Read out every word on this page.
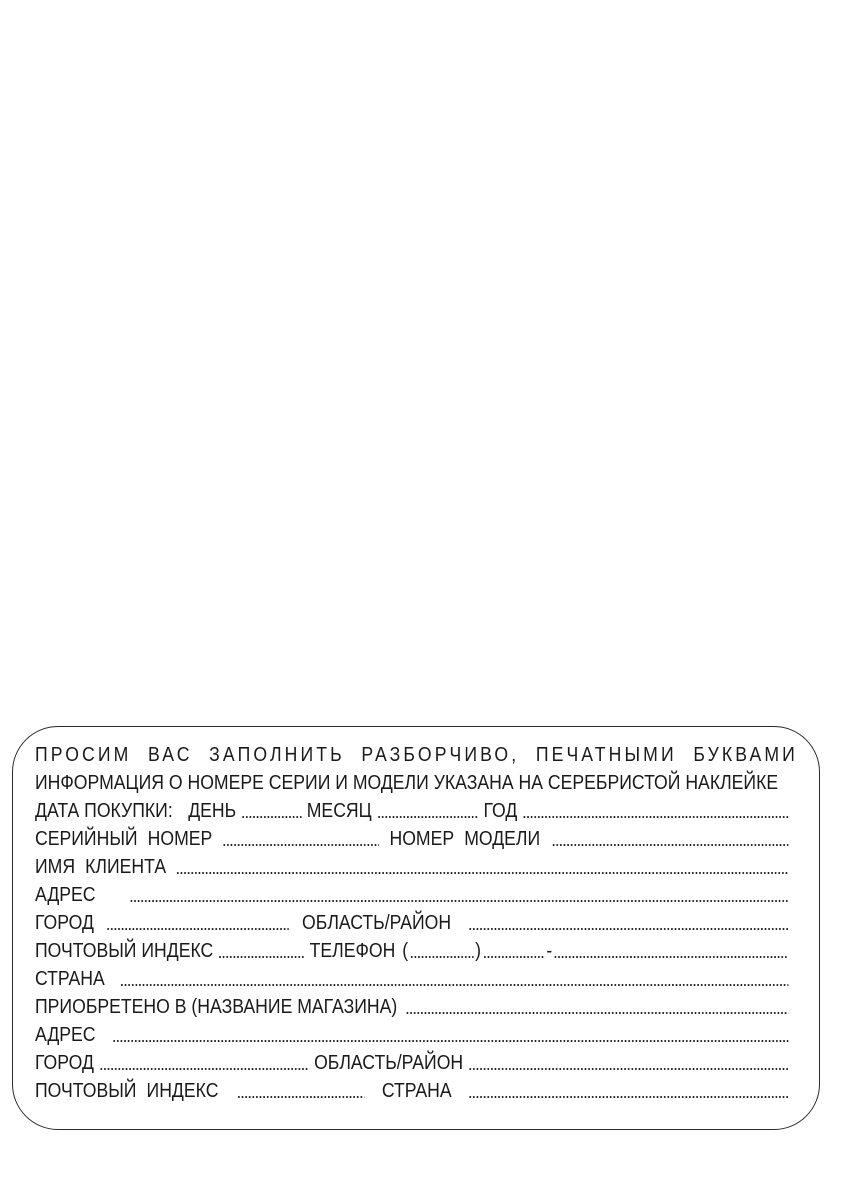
ПРОСИМ ВАС ЗАПОЛНИТЬ РАЗБОРЧИВО, ПЕЧАТНЫМИ БУКВАМИ
ИНФОРМАЦИЯ О НОМЕРЕ СЕРИИ И МОДЕЛИ УКАЗАНА НА СЕРЕБРИСТОЙ НАКЛЕЙКЕ
ДАТА ПОКУПКИ: ДЕНЬ	МЕСЯЦ	ГОД
СЕРИЙНЫЙ НОМЕР	НОМЕР МОДЕЛИ
ИМЯ КЛИЕНТА
АДРЕС
ГОРОД	ОБЛАСТЬ/РАЙОН
ПОЧТОВЫЙ ИНДЕКС	ТЕЛЕФОН (	)	-
СТРАНА
ПРИОБРЕТЕНО В (НАЗВАНИЕ МАГАЗИНА)
АДРЕС
ГОРОД	ОБЛАСТЬ/РАЙОН
ПОЧТОВЫЙ ИНДЕКС	СТРАНА
